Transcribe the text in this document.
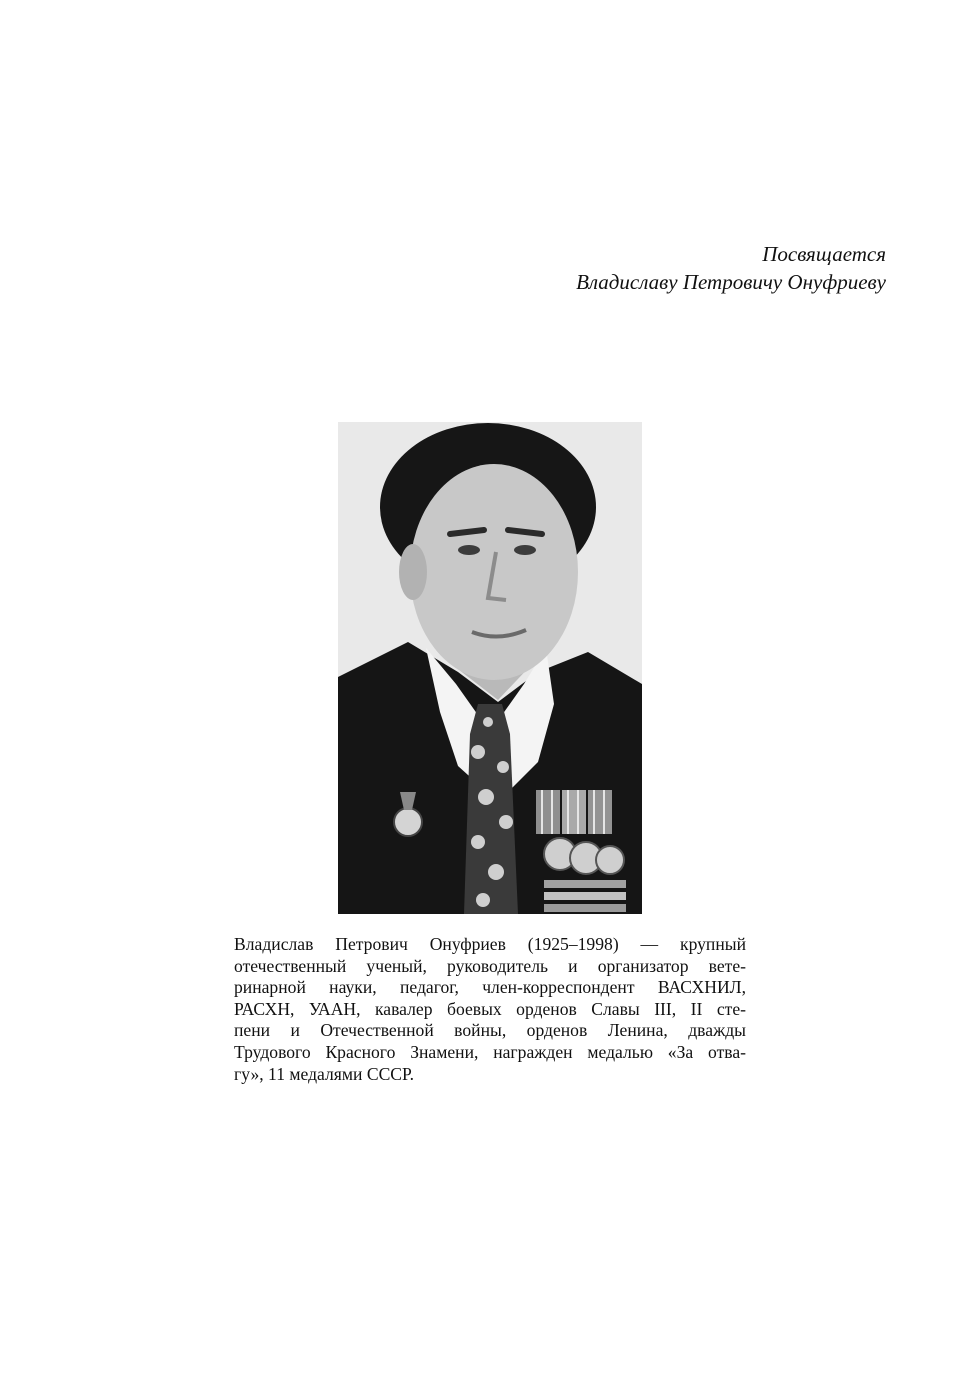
Посвящается
Владиславу Петровичу Онуфриеву
Владислав Петрович Онуфриев (1925–1998) — крупный
отечественный ученый, руководитель и организатор вете-
ринарной науки, педагог, член-корреспондент ВАСХНИЛ,
РАСХН, УААН, кавалер боевых орденов Славы III, II сте-
пени и Отечественной войны, орденов Ленина, дважды
Трудового Красного Знамени, награжден медалью «За отва-
гу», 11 медалями СССР.
